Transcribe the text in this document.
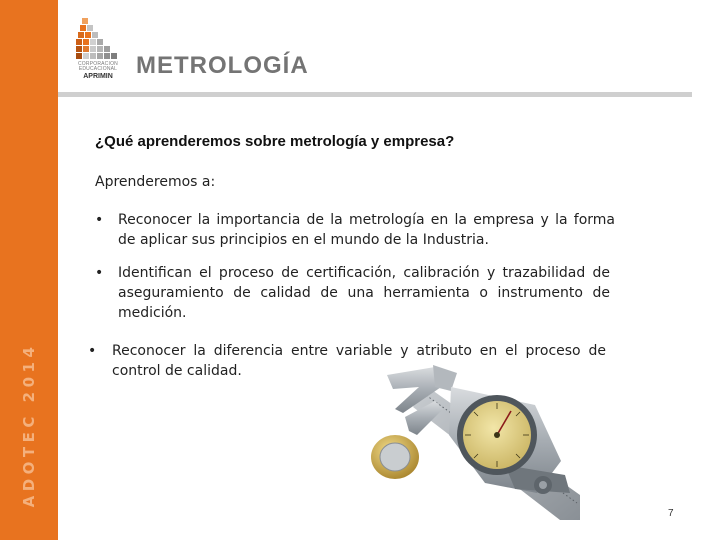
ADOTEC 2014
CORPORACION
EDUCACIONAL
APRIMIN METROLOGÍA
¿Qué aprenderemos sobre metrología y empresa?
Aprenderemos a:
• Reconocer la importancia de la metrología en la empresa y la forma de aplicar sus principios en el mundo de la Industria.
• Identifican el proceso de certificación, calibración y trazabilidad de aseguramiento de calidad de una herramienta o instrumento de medición.
• Reconocer la diferencia entre variable y atributo en el proceso de control de calidad.
7
